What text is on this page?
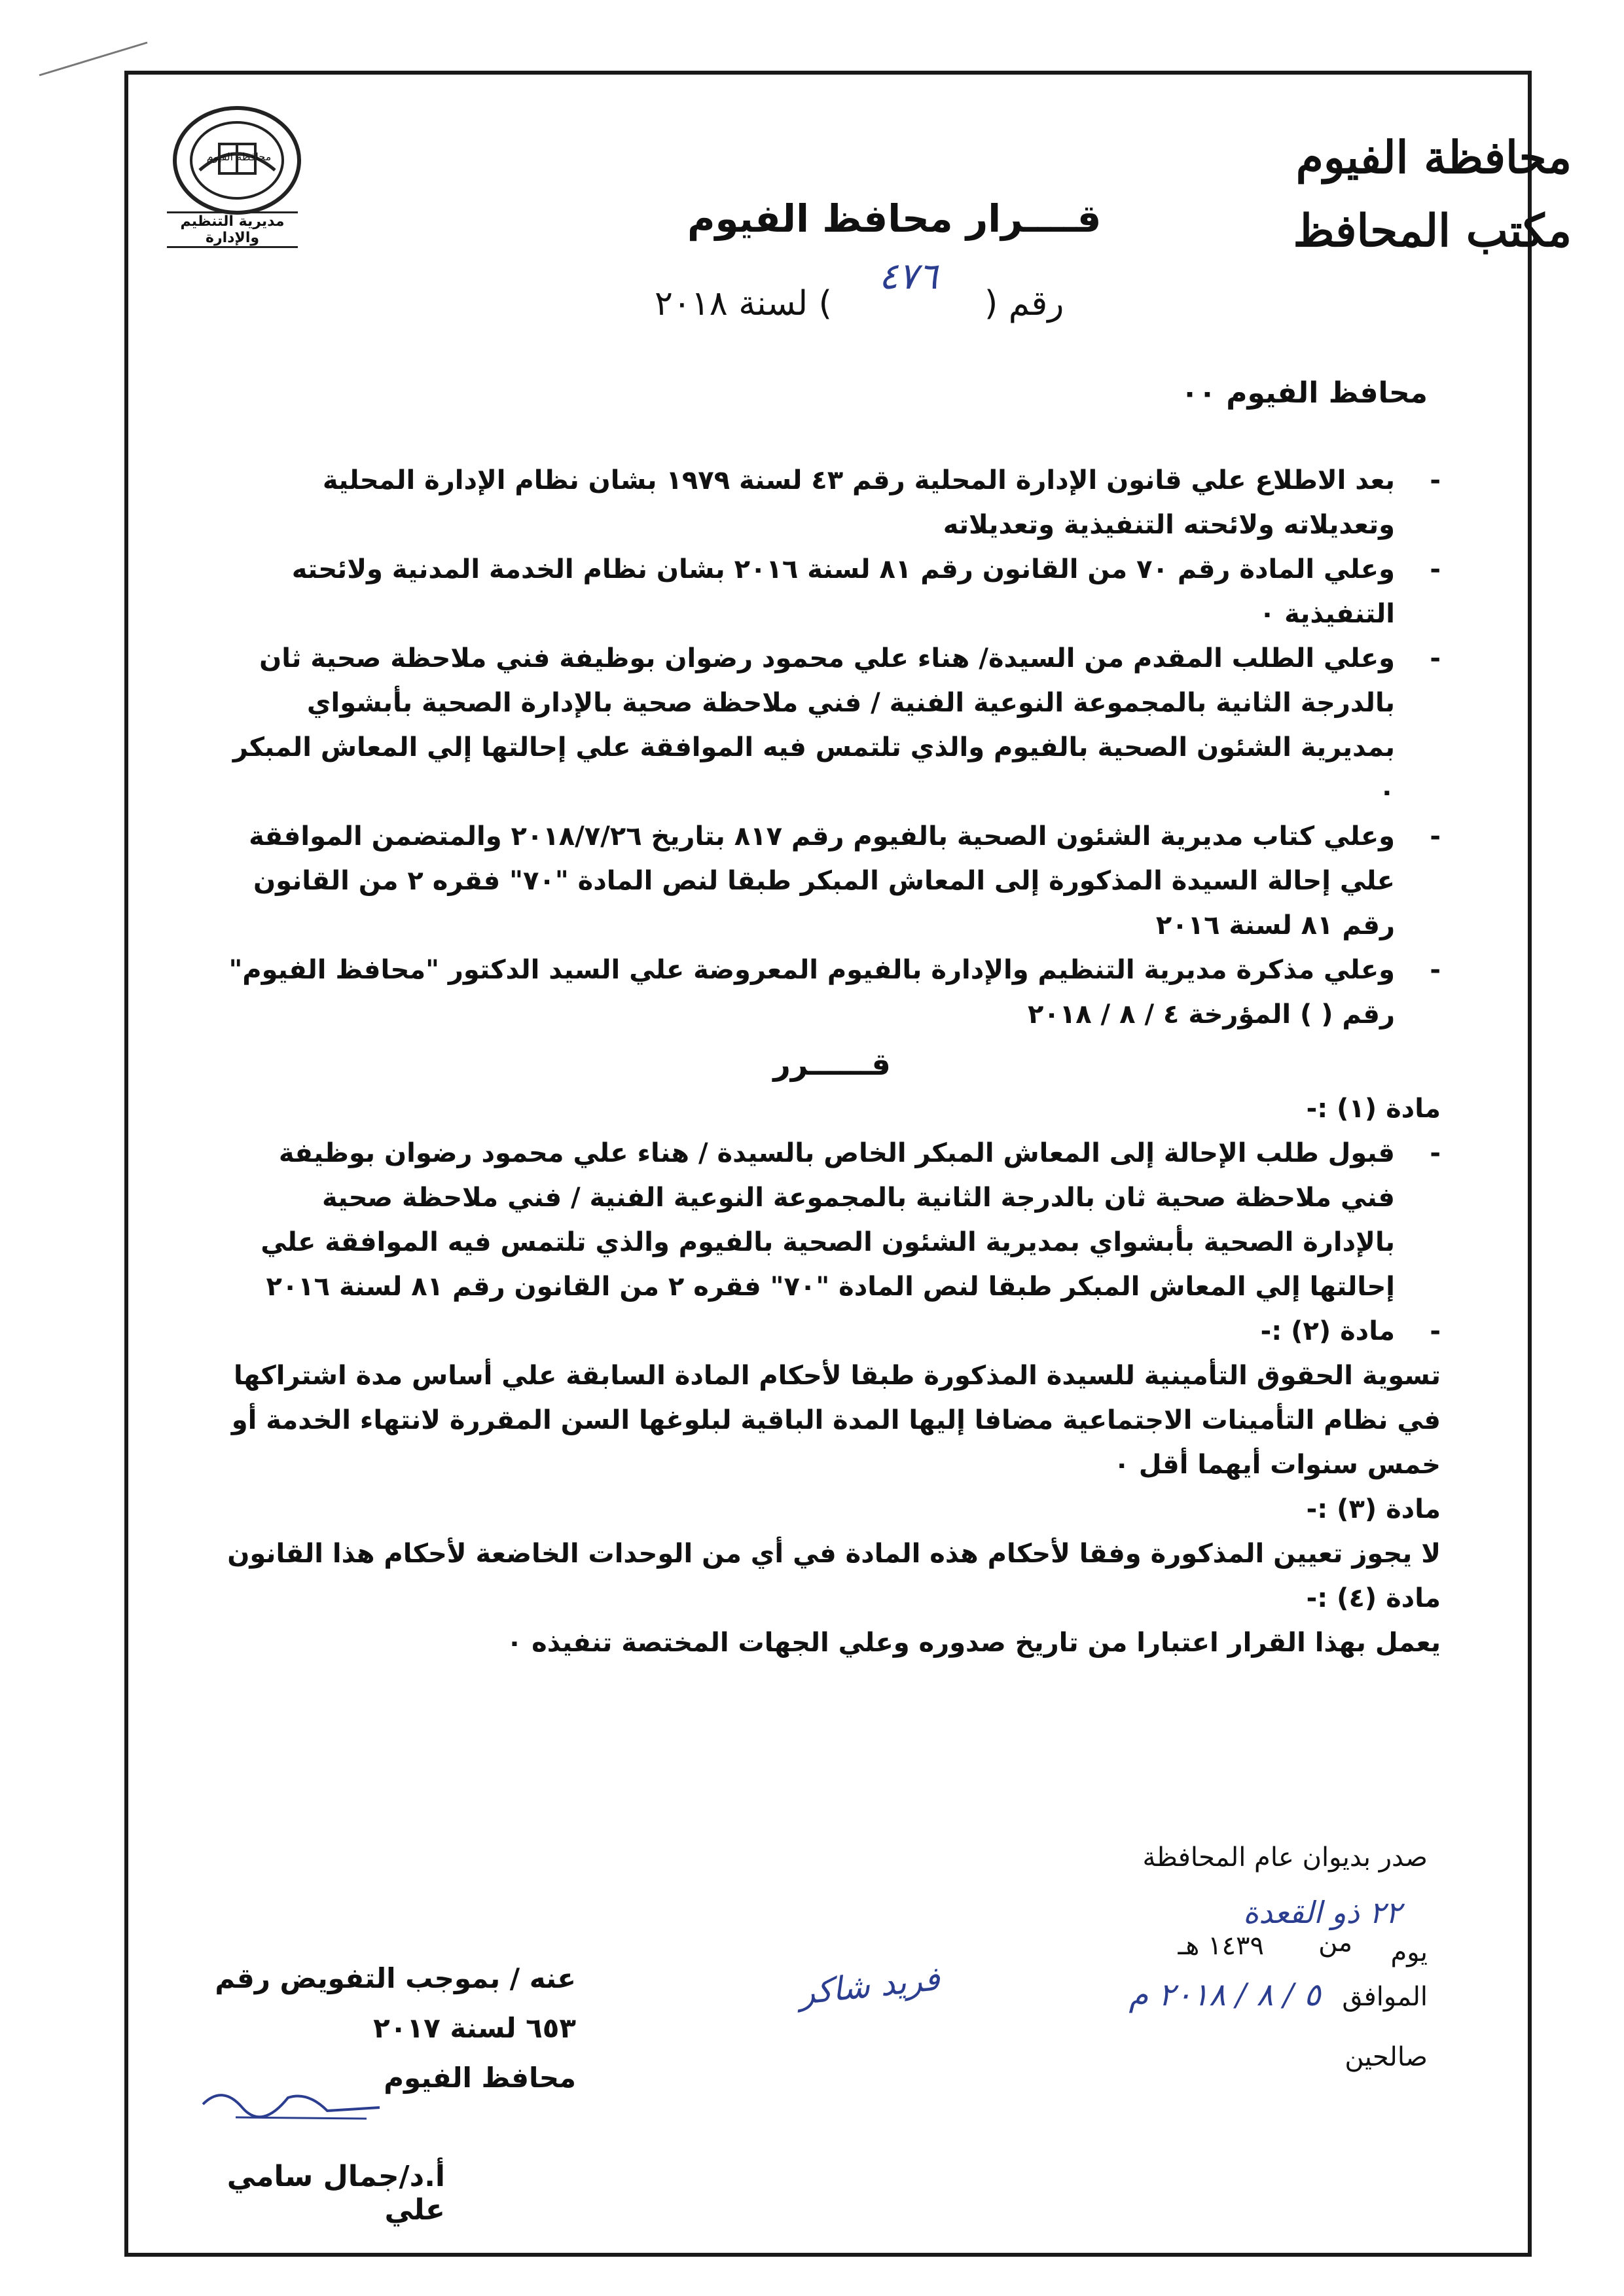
محافظة الفيوم
مكتب المحافظ
محافظة الفيوم
مديرية التنظيم والإدارة	قــــرار محافظ الفيوم
رقم ( ٤٧٦ ) لسنة ٢٠١٨
محافظ الفيوم ٠٠
- بعد الاطلاع علي قانون الإدارة المحلية رقم ٤٣ لسنة ١٩٧٩ بشان نظام الإدارة المحلية وتعديلاته ولائحته التنفيذية وتعديلاته
- وعلي المادة رقم ٧٠ من القانون رقم ٨١ لسنة ٢٠١٦ بشان نظام الخدمة المدنية ولائحته التنفيذية ٠
- وعلي الطلب المقدم من السيدة/ هناء علي محمود رضوان بوظيفة فني ملاحظة صحية ثان بالدرجة الثانية بالمجموعة النوعية الفنية / فني ملاحظة صحية بالإدارة الصحية بأبشواي بمديرية الشئون الصحية بالفيوم والذي تلتمس فيه الموافقة علي إحالتها إلي المعاش المبكر ٠
- وعلي كتاب مديرية الشئون الصحية بالفيوم رقم ٨١٧ بتاريخ ٢٠١٨/٧/٢٦ والمتضمن الموافقة علي إحالة السيدة المذكورة إلى المعاش المبكر طبقا لنص المادة "٧٠" فقره ٢ من القانون رقم ٨١ لسنة ٢٠١٦
- وعلي مذكرة مديرية التنظيم والإدارة بالفيوم المعروضة علي السيد الدكتور "محافظ الفيوم" رقم ( ) المؤرخة ٤ / ٨ / ٢٠١٨
قــــــرر
مادة (١) :-
- قبول طلب الإحالة إلى المعاش المبكر الخاص بالسيدة / هناء علي محمود رضوان بوظيفة فني ملاحظة صحية ثان بالدرجة الثانية بالمجموعة النوعية الفنية / فني ملاحظة صحية بالإدارة الصحية بأبشواي بمديرية الشئون الصحية بالفيوم والذي تلتمس فيه الموافقة علي إحالتها إلي المعاش المبكر طبقا لنص المادة "٧٠" فقره ٢ من القانون رقم ٨١ لسنة ٢٠١٦
- مادة (٢) :-
تسوية الحقوق التأمينية للسيدة المذكورة طبقا لأحكام المادة السابقة علي أساس مدة اشتراكها في نظام التأمينات الاجتماعية مضافا إليها المدة الباقية لبلوغها السن المقررة لانتهاء الخدمة أو خمس سنوات أيهما أقل ٠
مادة (٣) :-
لا يجوز تعيين المذكورة وفقا لأحكام هذه المادة في أي من الوحدات الخاضعة لأحكام هذا القانون
مادة (٤) :-
يعمل بهذا القرار اعتبارا من تاريخ صدوره وعلي الجهات المختصة تنفيذه ٠
صدر بديوان عام المحافظة
٢٢ ذو القعدة
يوم
من
١٤٣٩ هـ
الموافق ٥ / ٨ / ٢٠١٨ م
صالحين
عنه / بموجب التفويض رقم ٦٥٣ لسنة ٢٠١٧
محافظ الفيوم
فريد شاكر
أ.د/جمال سامي علي
